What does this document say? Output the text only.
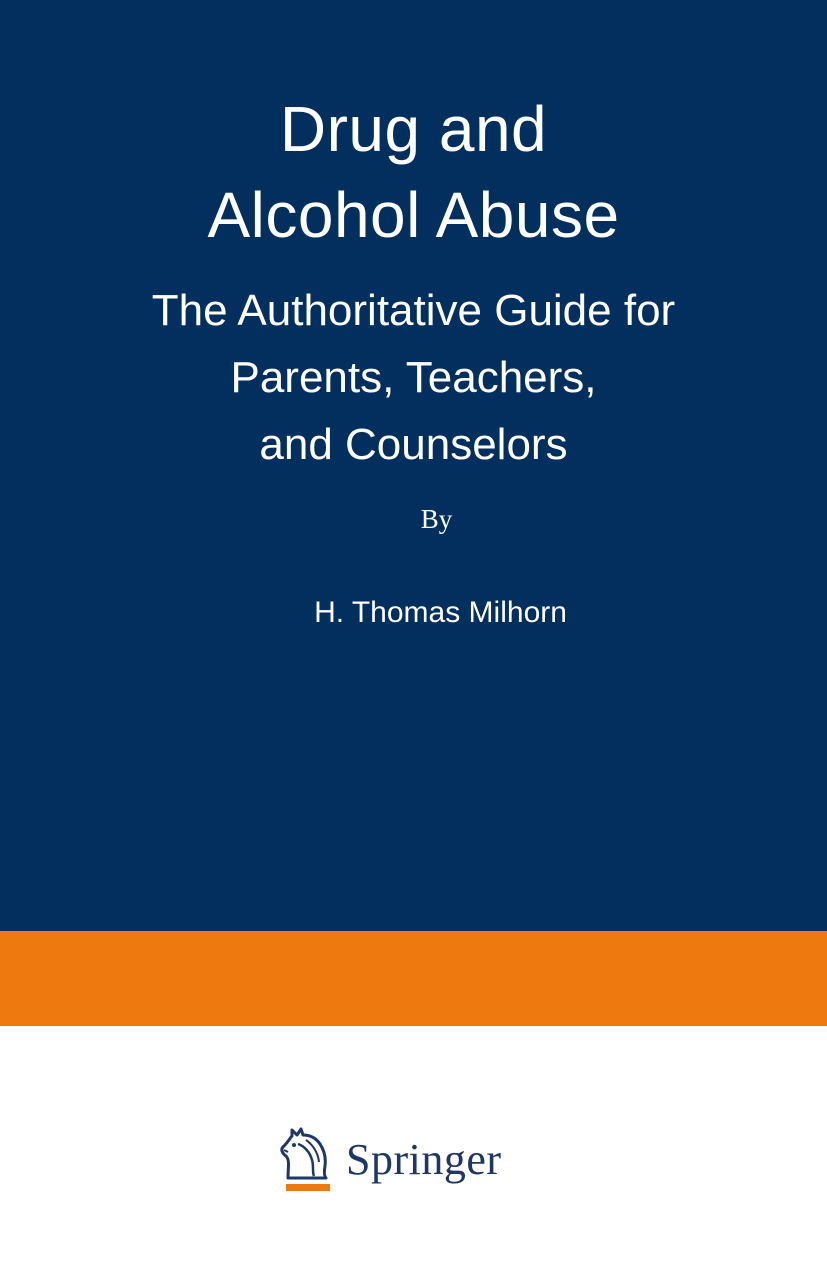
Drug and
Alcohol Abuse
The Authoritative Guide for
Parents, Teachers,
and Counselors
By
H. Thomas Milhorn
Springer
